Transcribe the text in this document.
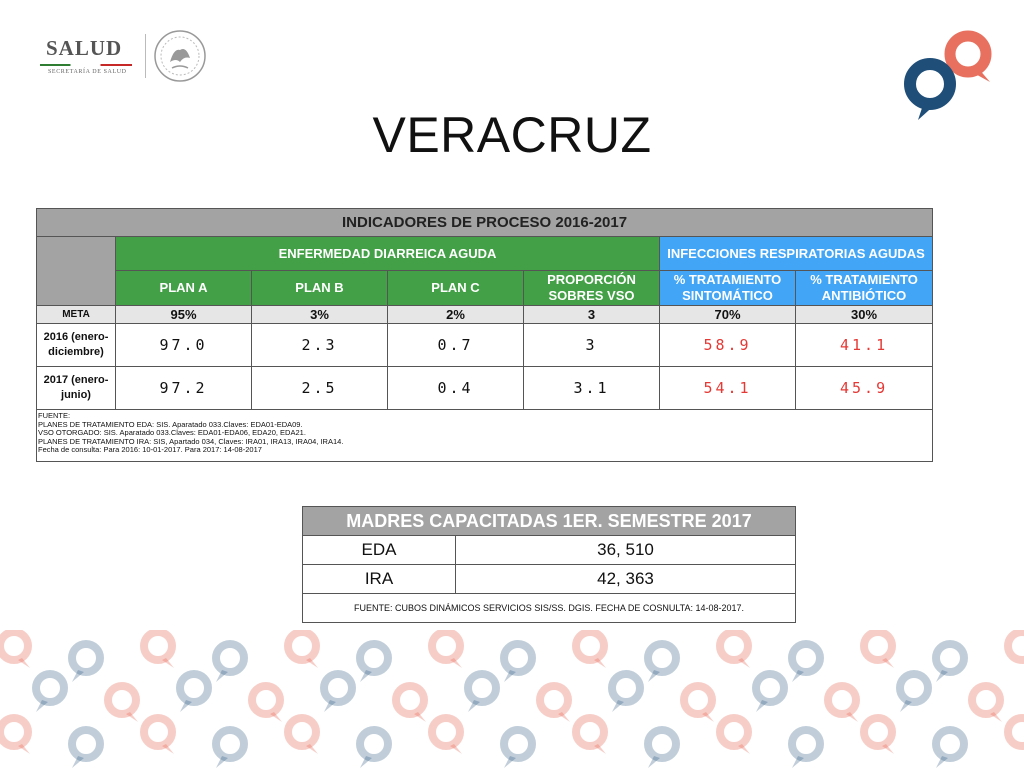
SALUD
SECRETARÍA DE SALUD
VERACRUZ
INDICADORES DE PROCESO 2016-2017						
	ENFERMEDAD DIARREICA AGUDA				INFECCIONES RESPIRATORIAS AGUDAS	
	PLAN A	PLAN B	PLAN C	PROPORCIÓN SOBRES VSO	% TRATAMIENTO SINTOMÁTICO	% TRATAMIENTO ANTIBIÓTICO
META	95%	3%	2%	3	70%	30%
2016 (enero-diciembre)	97.0	2.3	0.7	3	58.9	41.1
2017 (enero-junio)	97.2	2.5	0.4	3.1	54.1	45.9

FUENTE:
PLANES DE TRATAMIENTO EDA: SIS. Aparatado 033.Claves: EDA01-EDA09.
VSO OTORGADO: SIS. Aparatado 033.Claves: EDA01-EDA06, EDA20, EDA21.
PLANES DE TRATAMIENTO IRA: SIS, Apartado 034, Claves: IRA01, IRA13, IRA04, IRA14.
Fecha de consulta: Para 2016: 10-01-2017. Para 2017: 14-08-2017						
MADRES CAPACITADAS 1ER. SEMESTRE 2017	
EDA	36, 510
IRA	42, 363
FUENTE: CUBOS DINÁMICOS SERVICIOS SIS/SS. DGIS. FECHA DE COSNULTA: 14-08-2017.	
